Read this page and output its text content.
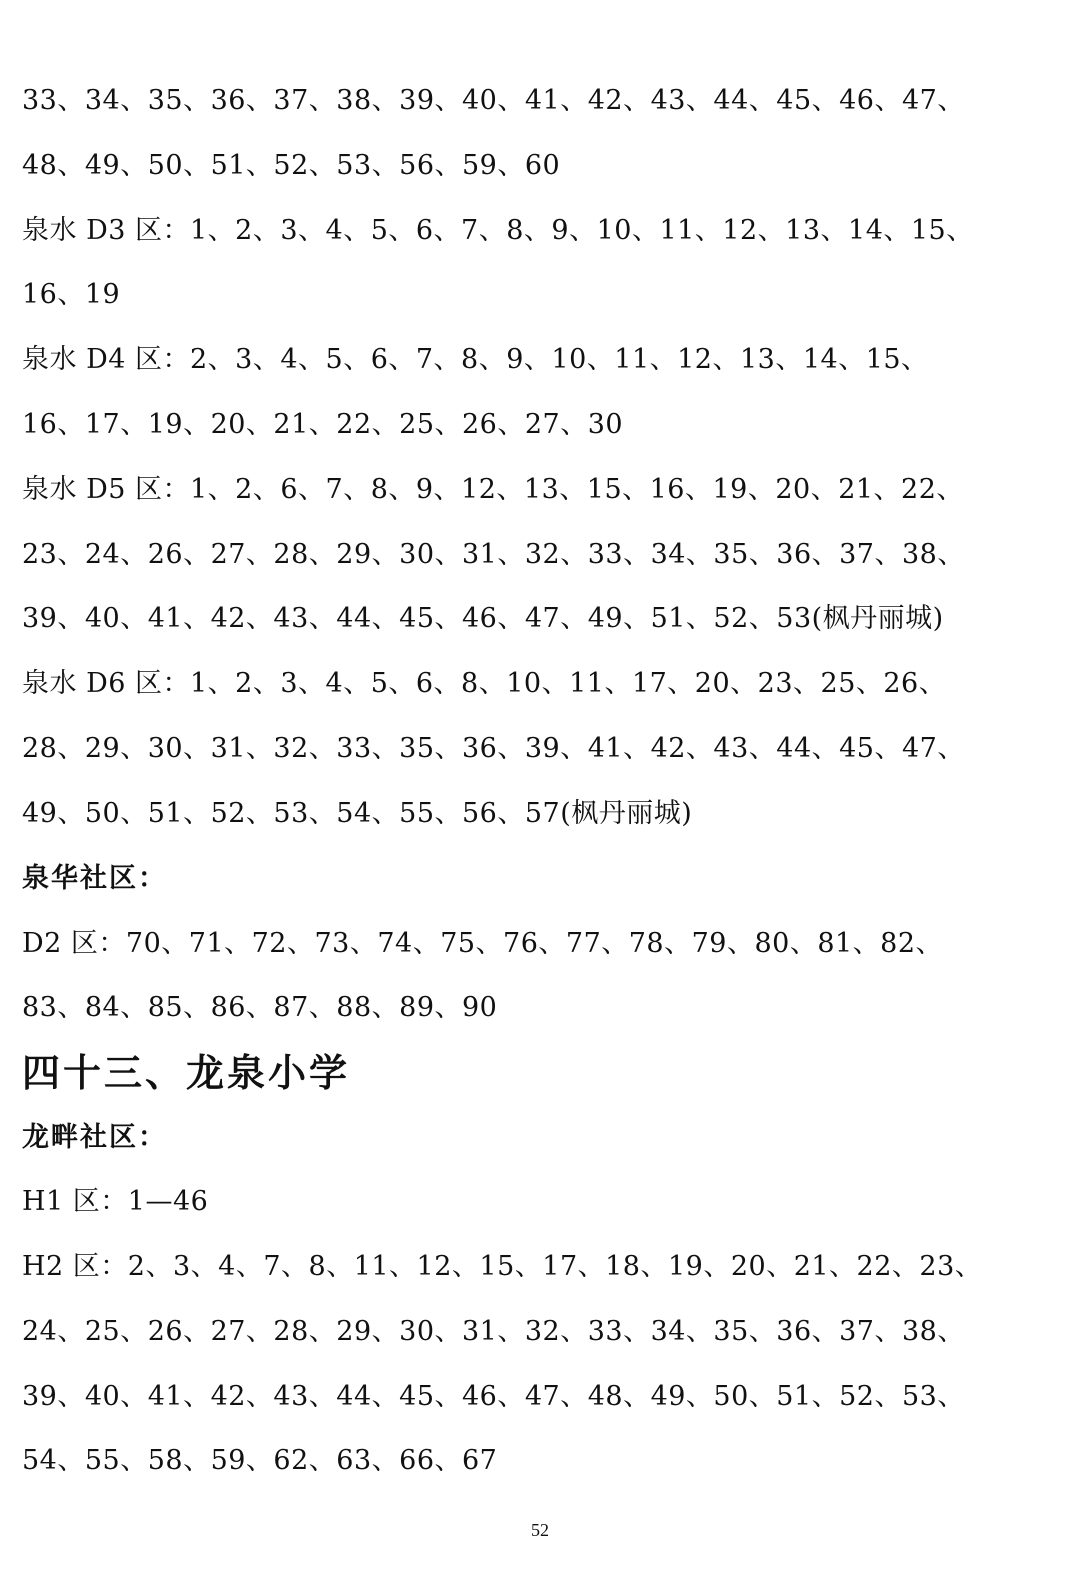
33、34、35、36、37、38、39、40、41、42、43、44、45、46、47、
48、49、50、51、52、53、56、59、60
泉水 D3 区：1、2、3、4、5、6、7、8、9、10、11、12、13、14、15、
16、19
泉水 D4 区：2、3、4、5、6、7、8、9、10、11、12、13、14、15、
16、17、19、20、21、22、25、26、27、30
泉水 D5 区：1、2、6、7、8、9、12、13、15、16、19、20、21、22、
23、24、26、27、28、29、30、31、32、33、34、35、36、37、38、
39、40、41、42、43、44、45、46、47、49、51、52、53(枫丹丽城)
泉水 D6 区：1、2、3、4、5、6、8、10、11、17、20、23、25、26、
28、29、30、31、32、33、35、36、39、41、42、43、44、45、47、
49、50、51、52、53、54、55、56、57(枫丹丽城)
泉华社区：
D2 区：70、71、72、73、74、75、76、77、78、79、80、81、82、
83、84、85、86、87、88、89、90
四十三、龙泉小学
龙畔社区：
H1 区：1—46
H2 区：2、3、4、7、8、11、12、15、17、18、19、20、21、22、23、
24、25、26、27、28、29、30、31、32、33、34、35、36、37、38、
39、40、41、42、43、44、45、46、47、48、49、50、51、52、53、
54、55、58、59、62、63、66、67
52
